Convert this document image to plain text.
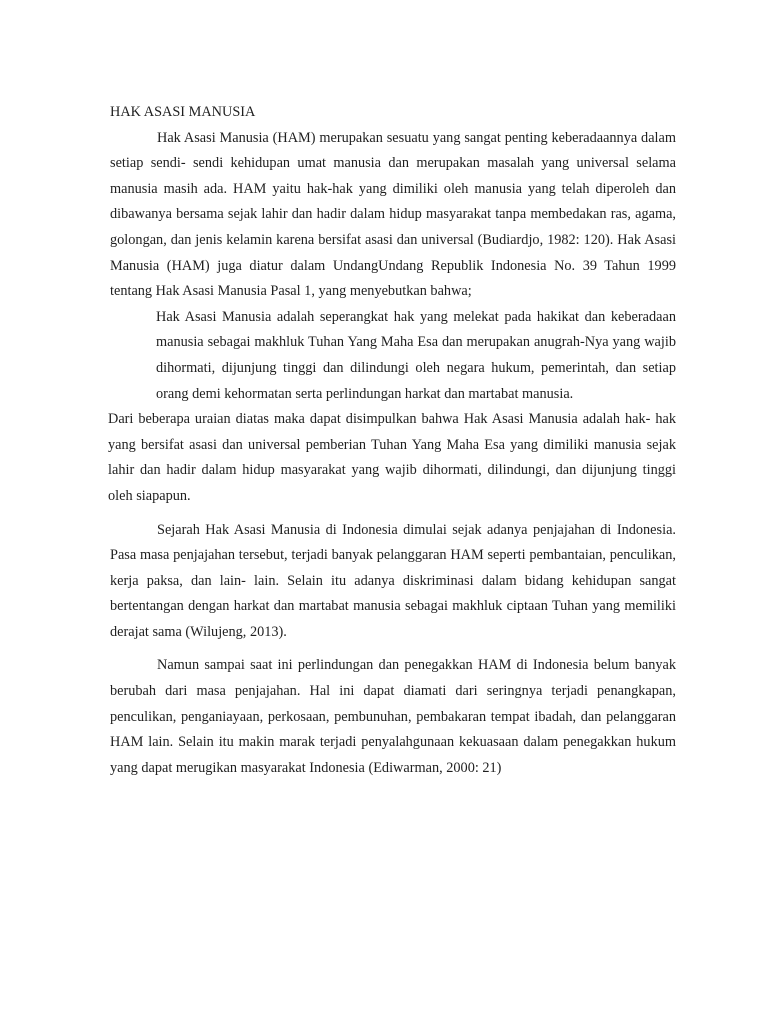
HAK ASASI MANUSIA

Hak Asasi Manusia (HAM) merupakan sesuatu yang sangat penting keberadaannya dalam setiap sendi- sendi kehidupan umat manusia dan merupakan masalah yang universal selama manusia masih ada. HAM yaitu hak-hak yang dimiliki oleh manusia yang telah diperoleh dan dibawanya bersama sejak lahir dan hadir dalam hidup masyarakat tanpa membedakan ras, agama, golongan, dan jenis kelamin karena bersifat asasi dan universal (Budiardjo, 1982: 120). Hak Asasi Manusia (HAM) juga diatur dalam UndangUndang Republik Indonesia No. 39 Tahun 1999 tentang Hak Asasi Manusia Pasal 1, yang menyebutkan bahwa;

Hak Asasi Manusia adalah seperangkat hak yang melekat pada hakikat dan keberadaan manusia sebagai makhluk Tuhan Yang Maha Esa dan merupakan anugrah-Nya yang wajib dihormati, dijunjung tinggi dan dilindungi oleh negara hukum, pemerintah, dan setiap orang demi kehormatan serta perlindungan harkat dan martabat manusia.

Dari beberapa uraian diatas maka dapat disimpulkan bahwa Hak Asasi Manusia adalah hak- hak yang bersifat asasi dan universal pemberian Tuhan Yang Maha Esa yang dimiliki manusia sejak lahir dan hadir dalam hidup masyarakat yang wajib dihormati, dilindungi, dan dijunjung tinggi oleh siapapun.

Sejarah Hak Asasi Manusia di Indonesia dimulai sejak adanya penjajahan di Indonesia. Pasa masa penjajahan tersebut, terjadi banyak pelanggaran HAM seperti pembantaian, penculikan, kerja paksa, dan lain- lain. Selain itu adanya diskriminasi dalam bidang kehidupan sangat bertentangan dengan harkat dan martabat manusia sebagai makhluk ciptaan Tuhan yang memiliki derajat sama (Wilujeng, 2013).

Namun sampai saat ini perlindungan dan penegakkan HAM di Indonesia belum banyak berubah dari masa penjajahan. Hal ini dapat diamati dari seringnya terjadi penangkapan, penculikan, penganiayaan, perkosaan, pembunuhan, pembakaran tempat ibadah, dan pelanggaran HAM lain. Selain itu makin marak terjadi penyalahgunaan kekuasaan dalam penegakkan hukum yang dapat merugikan masyarakat Indonesia (Ediwarman, 2000: 21)
